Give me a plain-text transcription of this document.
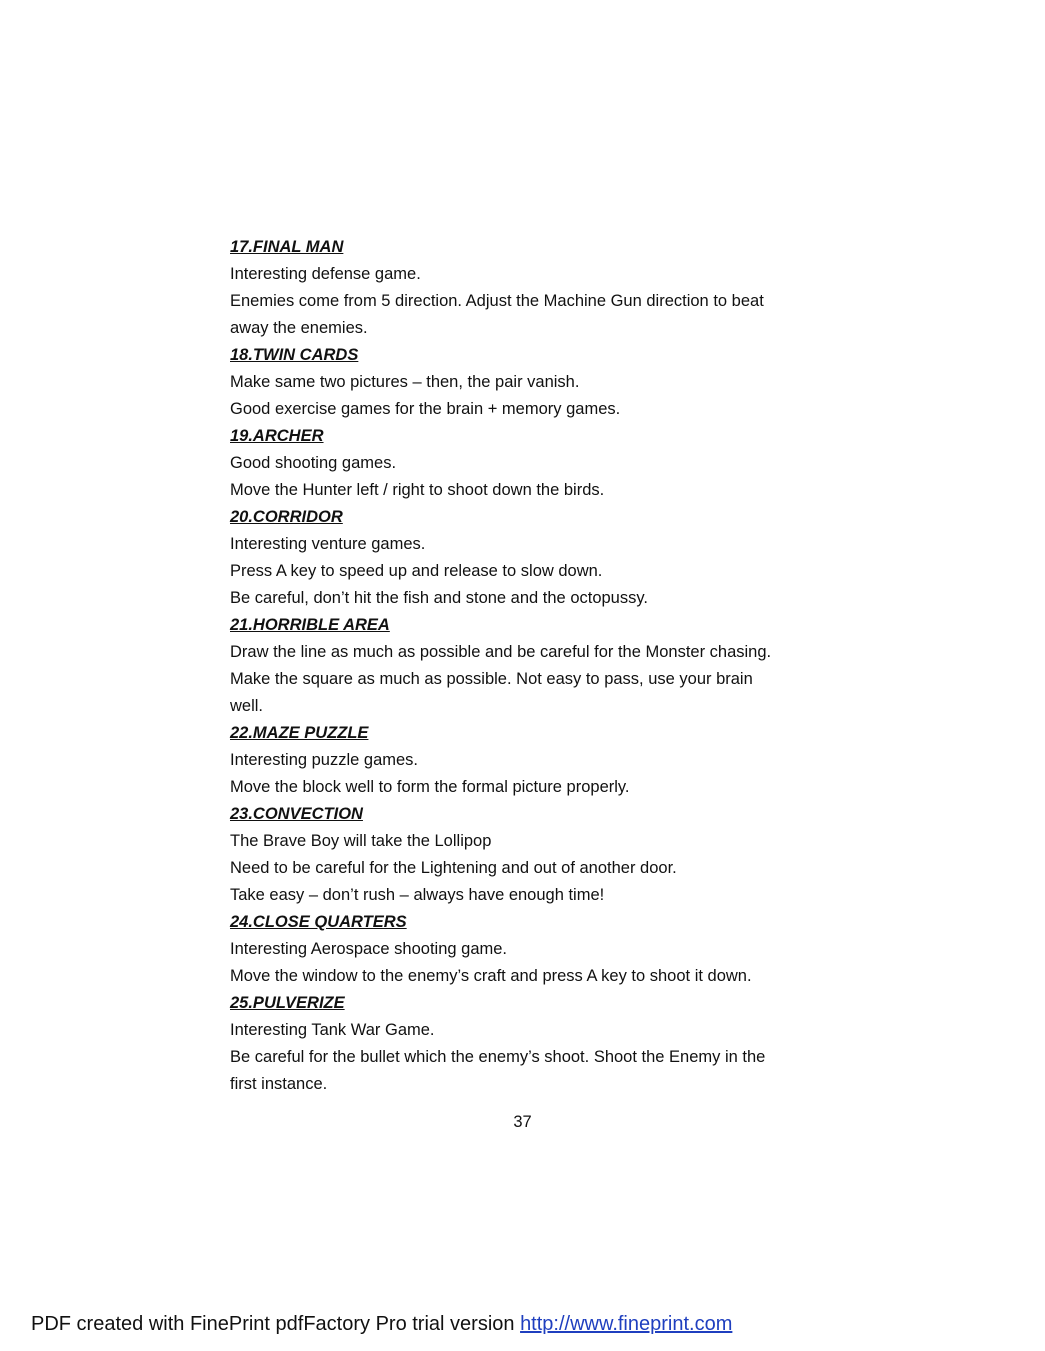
17.FINAL MAN
Interesting defense game.
Enemies come from 5 direction. Adjust the Machine Gun direction to beat
away the enemies.
18.TWIN CARDS
Make same two pictures – then, the pair vanish.
Good exercise games for the brain + memory games.
19.ARCHER
Good shooting games.
Move the Hunter left / right to shoot down the birds.
20.CORRIDOR
Interesting venture games.
Press A key to speed up and release to slow down.
Be careful, don’t hit the fish and stone and the octopussy.
21.HORRIBLE AREA
Draw the line as much as possible and be careful for the Monster chasing.
Make the square as much as possible. Not easy to pass, use your brain
well.
22.MAZE PUZZLE
Interesting puzzle games.
Move the block well to form the formal picture properly.
23.CONVECTION
The Brave Boy will take the Lollipop
Need to be careful for the Lightening and out of another door.
Take easy – don’t rush – always have enough time!
24.CLOSE QUARTERS
Interesting Aerospace shooting game.
Move the window to the enemy’s craft and press A key to shoot it down.
25.PULVERIZE
Interesting Tank War Game.
Be careful for the bullet which the enemy’s shoot. Shoot the Enemy in the
first instance.
37
PDF created with FinePrint pdfFactory Pro trial version http://www.fineprint.com
